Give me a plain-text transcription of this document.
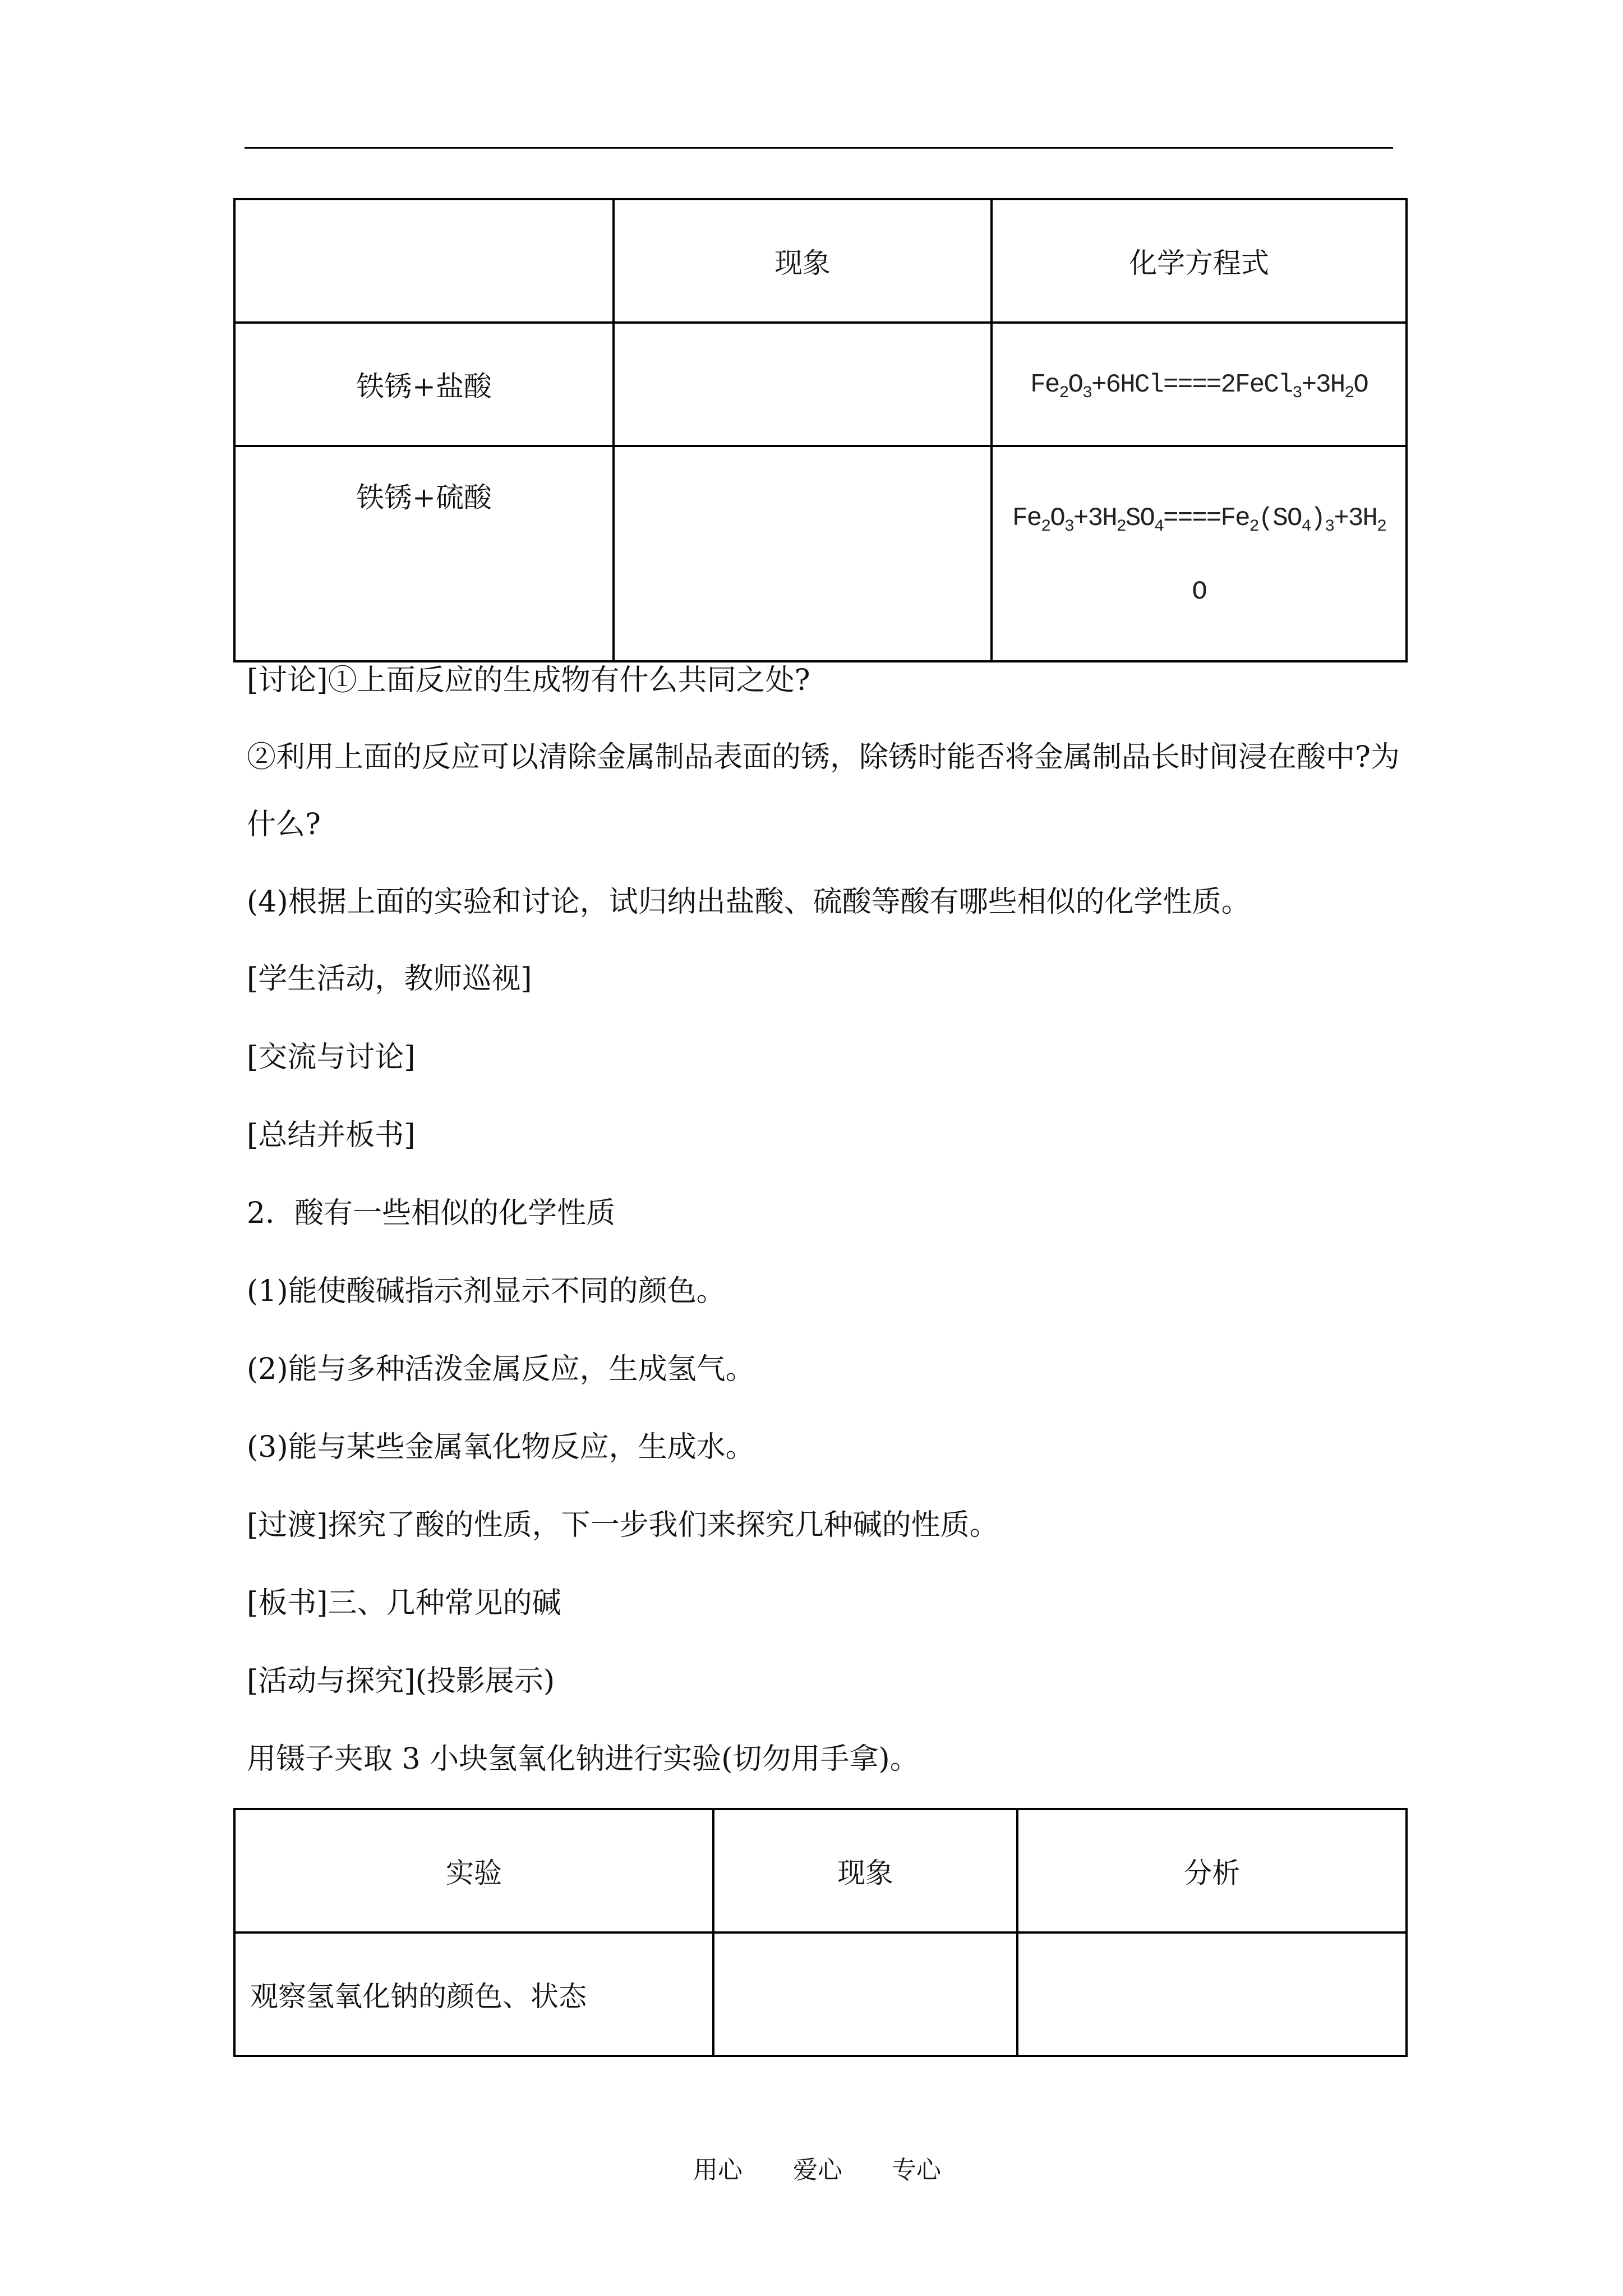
	现象	化学方程式
铁锈+盐酸		$Fe_2O_3+6HCl====2FeCl_3+3H_2O$
铁锈+硫酸		$Fe_2O_3+3H_2SO_4====Fe_2(SO_4)_3+3H_2$
O
[讨论]①上面反应的生成物有什么共同之处?
②利用上面的反应可以清除金属制品表面的锈，除锈时能否将金属制品长时间浸在酸中?为
什么?
(4)根据上面的实验和讨论，试归纳出盐酸、硫酸等酸有哪些相似的化学性质。
[学生活动，教师巡视]
[交流与讨论]
[总结并板书]
2．酸有一些相似的化学性质
(1)能使酸碱指示剂显示不同的颜色。
(2)能与多种活泼金属反应，生成氢气。
(3)能与某些金属氧化物反应，生成水。
[过渡]探究了酸的性质，下一步我们来探究几种碱的性质。
[板书]三、几种常见的碱
[活动与探究](投影展示)
用镊子夹取 3 小块氢氧化钠进行实验(切勿用手拿)。
实验	现象	分析
观察氢氧化钠的颜色、状态		
用心 爱心 专心
